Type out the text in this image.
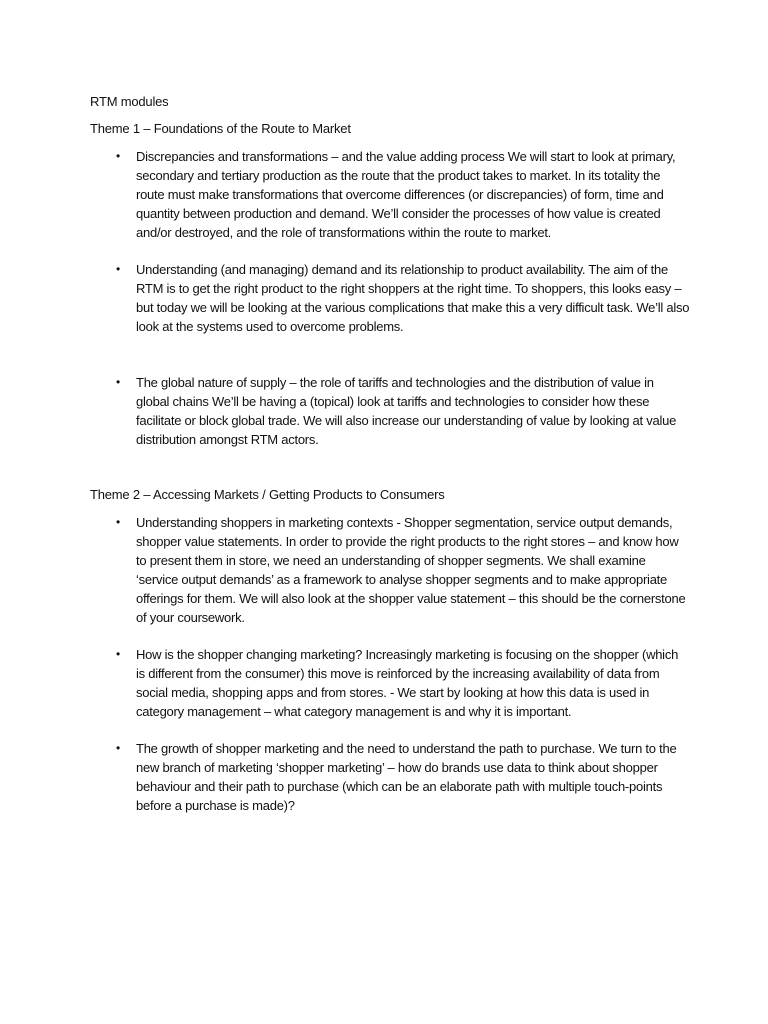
RTM modules
Theme 1 – Foundations of the Route to Market
• Discrepancies and transformations – and the value adding process We will start to look at primary, secondary and tertiary production as the route that the product takes to market. In its totality the route must make transformations that overcome differences (or discrepancies) of form, time and quantity between production and demand. We’ll consider the processes of how value is created and/or destroyed, and the role of transformations within the route to market.
• Understanding (and managing) demand and its relationship to product availability. The aim of the RTM is to get the right product to the right shoppers at the right time. To shoppers, this looks easy – but today we will be looking at the various complications that make this a very difficult task. We’ll also look at the systems used to overcome problems.
• The global nature of supply – the role of tariffs and technologies and the distribution of value in global chains We’ll be having a (topical) look at tariffs and technologies to consider how these facilitate or block global trade. We will also increase our understanding of value by looking at value distribution amongst RTM actors.
Theme 2 – Accessing Markets / Getting Products to Consumers
• Understanding shoppers in marketing contexts - Shopper segmentation, service output demands, shopper value statements. In order to provide the right products to the right stores – and know how to present them in store, we need an understanding of shopper segments. We shall examine ‘service output demands’ as a framework to analyse shopper segments and to make appropriate offerings for them. We will also look at the shopper value statement – this should be the cornerstone of your coursework.
• How is the shopper changing marketing? Increasingly marketing is focusing on the shopper (which is different from the consumer) this move is reinforced by the increasing availability of data from social media, shopping apps and from stores. - We start by looking at how this data is used in category management – what category management is and why it is important.
• The growth of shopper marketing and the need to understand the path to purchase. We turn to the new branch of marketing ‘shopper marketing’ – how do brands use data to think about shopper behaviour and their path to purchase (which can be an elaborate path with multiple touch-points before a purchase is made)?
